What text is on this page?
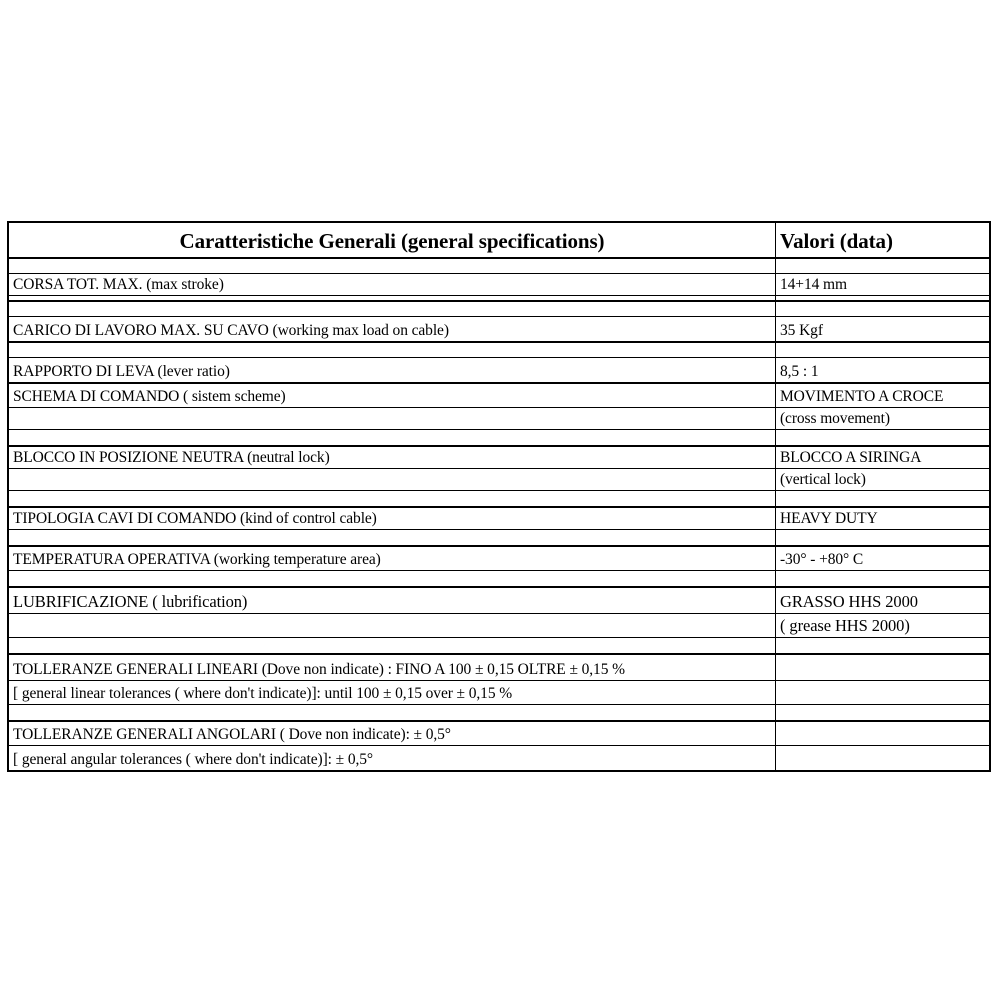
Caratteristiche Generali (general specifications)	Valori (data)
CORSA TOT. MAX. (max stroke)	14+14 mm
CARICO DI LAVORO MAX. SU CAVO (working max load on cable)	35 Kgf
RAPPORTO DI LEVA (lever ratio)	8,5 : 1
SCHEMA DI COMANDO ( sistem scheme)	MOVIMENTO A CROCE
(cross movement)
BLOCCO IN POSIZIONE NEUTRA (neutral lock)	BLOCCO A SIRINGA
(vertical lock)
TIPOLOGIA CAVI DI COMANDO (kind of control cable)	HEAVY DUTY
TEMPERATURA OPERATIVA (working temperature area)	-30° - +80° C
LUBRIFICAZIONE ( lubrification)	GRASSO HHS 2000
( grease HHS 2000)
TOLLERANZE GENERALI LINEARI (Dove non indicate) : FINO A 100 ± 0,15 OLTRE ± 0,15 %
[ general linear tolerances ( where don't indicate)]: until 100 ± 0,15 over ± 0,15 %
TOLLERANZE GENERALI ANGOLARI ( Dove non indicate): ± 0,5°
[ general angular tolerances ( where don't indicate)]: ± 0,5°
